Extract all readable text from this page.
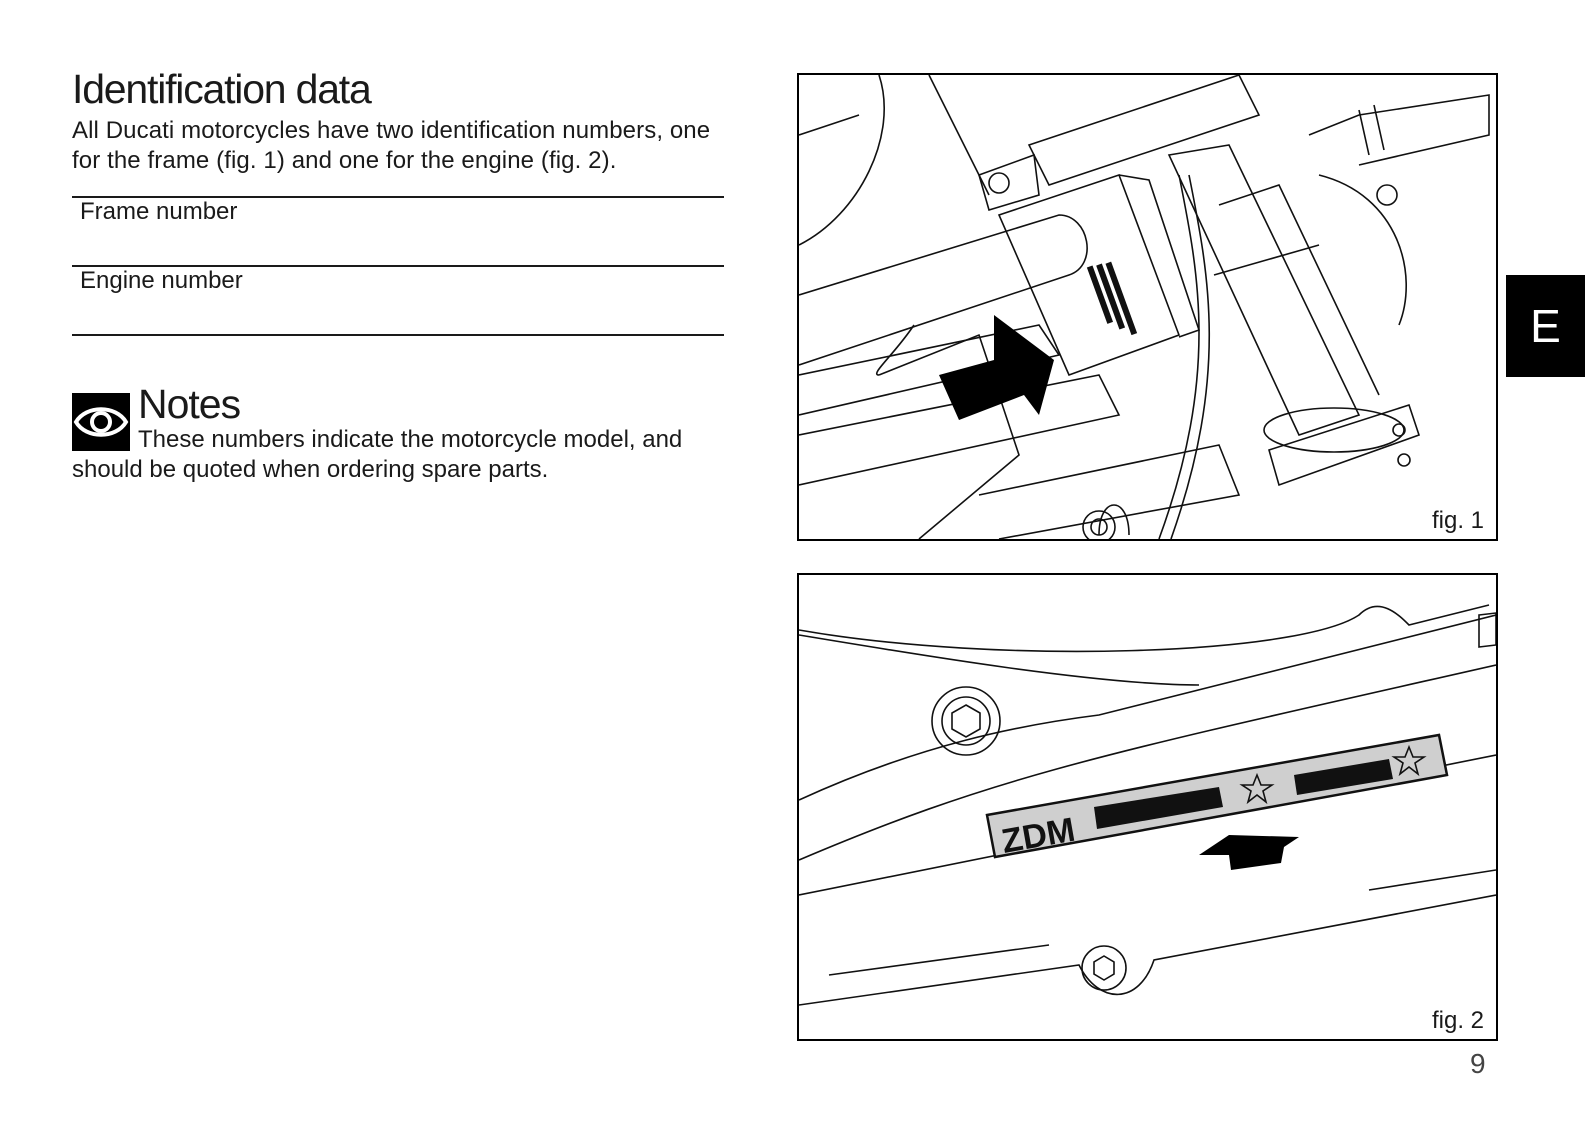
Identification data

All Ducati motorcycles have two identification numbers, one for the frame (fig. 1) and one for the engine (fig. 2).

Frame number
Engine number
Notes

These numbers indicate the motorcycle model, and should be quoted when ordering spare parts.

fig. 1
ZDM
fig. 2
E
9
